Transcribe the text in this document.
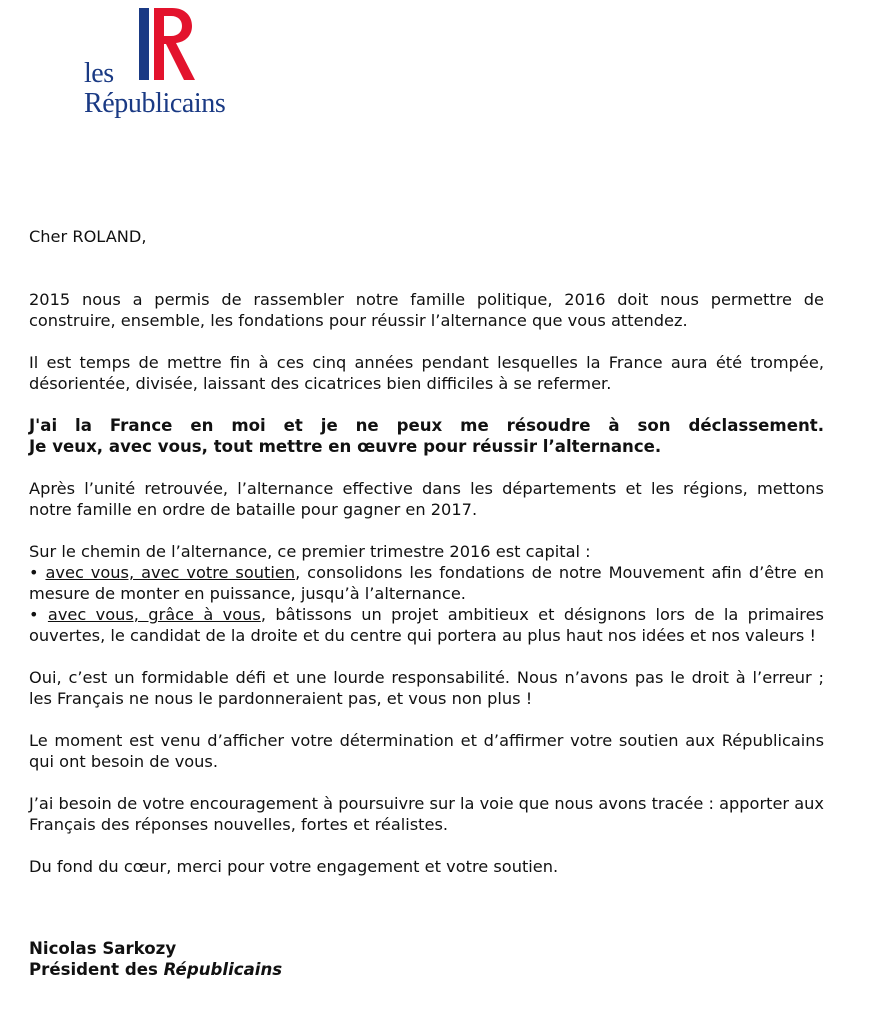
les
Républicains

Cher ROLAND,

2015 nous a permis de rassembler notre famille politique, 2016 doit nous permettre de construire, ensemble, les fondations pour réussir l’alternance que vous attendez.

Il est temps de mettre fin à ces cinq années pendant lesquelles la France aura été trompée, désorientée, divisée, laissant des cicatrices bien difficiles à se refermer.

J'ai la France en moi et je ne peux me résoudre à son déclassement.

Je veux, avec vous, tout mettre en œuvre pour réussir l’alternance.

Après l’unité retrouvée, l’alternance effective dans les départements et les régions, mettons notre famille en ordre de bataille pour gagner en 2017.

Sur le chemin de l’alternance, ce premier trimestre 2016 est capital :

• avec vous, avec votre soutien, consolidons les fondations de notre Mouvement afin d’être en mesure de monter en puissance, jusqu’à l’alternance.

• avec vous, grâce à vous, bâtissons un projet ambitieux et désignons lors de la primaires ouvertes, le candidat de la droite et du centre qui portera au plus haut nos idées et nos valeurs !

Oui, c’est un formidable défi et une lourde responsabilité. Nous n’avons pas le droit à l’erreur ; les Français ne nous le pardonneraient pas, et vous non plus !

Le moment est venu d’afficher votre détermination et d’affirmer votre soutien aux Républicains qui ont besoin de vous.

J’ai besoin de votre encouragement à poursuivre sur la voie que nous avons tracée : apporter aux Français des réponses nouvelles, fortes et réalistes.

Du fond du cœur, merci pour votre engagement et votre soutien.

Nicolas Sarkozy
Président des Républicains
